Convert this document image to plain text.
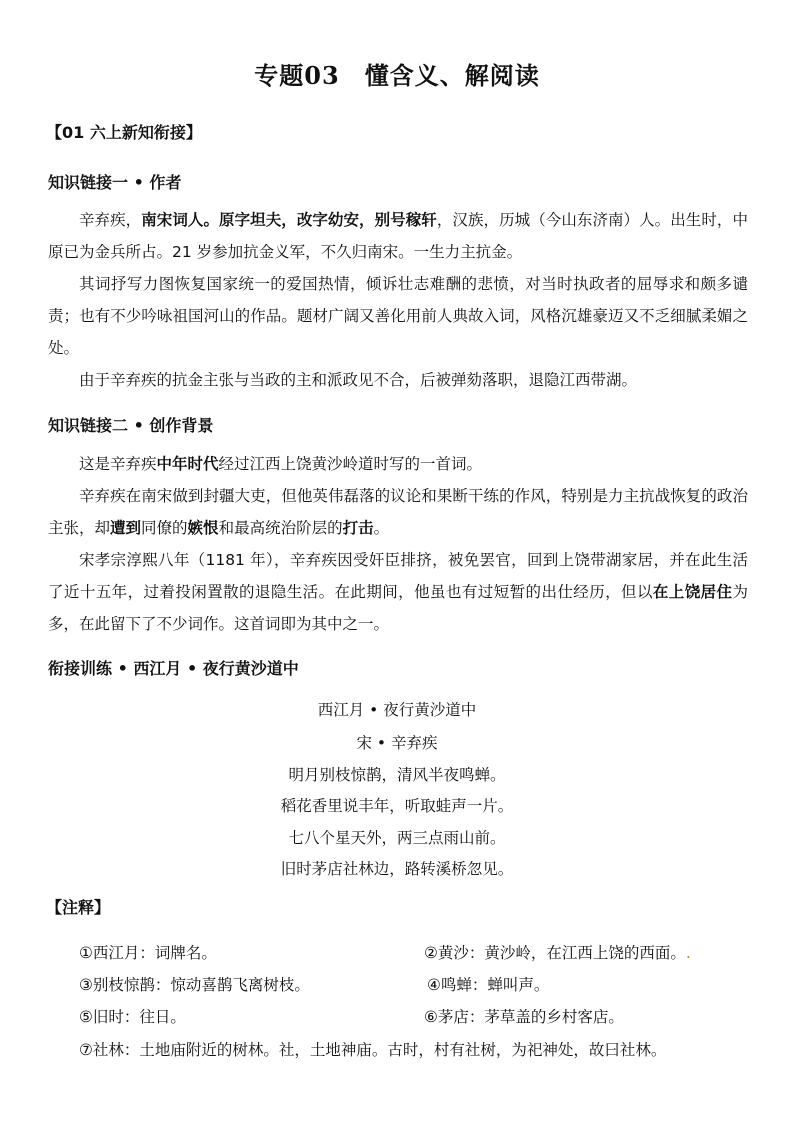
专题03　懂含义、解阅读
【01 六上新知衔接】
知识链接一 • 作者
辛弃疾，南宋词人。原字坦夫，改字幼安，别号稼轩，汉族，历城（今山东济南）人。出生时，中原已为金兵所占。21 岁参加抗金义军，不久归南宋。一生力主抗金。
其词抒写力图恢复国家统一的爱国热情，倾诉壮志难酬的悲愤，对当时执政者的屈辱求和颇多谴责；也有不少吟咏祖国河山的作品。题材广阔又善化用前人典故入词，风格沉雄豪迈又不乏细腻柔媚之处。
由于辛弃疾的抗金主张与当政的主和派政见不合，后被弹劾落职，退隐江西带湖。
知识链接二 • 创作背景
这是辛弃疾中年时代经过江西上饶黄沙岭道时写的一首词。
辛弃疾在南宋做到封疆大吏，但他英伟磊落的议论和果断干练的作风，特别是力主抗战恢复的政治主张，却遭到同僚的嫉恨和最高统治阶层的打击。
宋孝宗淳熙八年（1181 年），辛弃疾因受奸臣排挤，被免罢官，回到上饶带湖家居，并在此生活了近十五年，过着投闲置散的退隐生活。在此期间，他虽也有过短暂的出仕经历，但以在上饶居住为多，在此留下了不少词作。这首词即为其中之一。
衔接训练 • 西江月 • 夜行黄沙道中
西江月 • 夜行黄沙道中
宋 • 辛弃疾
明月别枝惊鹊，清风半夜鸣蝉。
稻花香里说丰年，听取蛙声一片。
七八个星天外，两三点雨山前。
旧时茅店社林边，路转溪桥忽见。
【注释】
①西江月：词牌名。	②黄沙：黄沙岭，在江西上饶的西面。.
③别枝惊鹊：惊动喜鹊飞离树枝。	④鸣蝉：蝉叫声。
⑤旧时：往日。	⑥茅店：茅草盖的乡村客店。
⑦社林：土地庙附近的树林。社，土地神庙。古时，村有社树，为祀神处，故曰社林。
